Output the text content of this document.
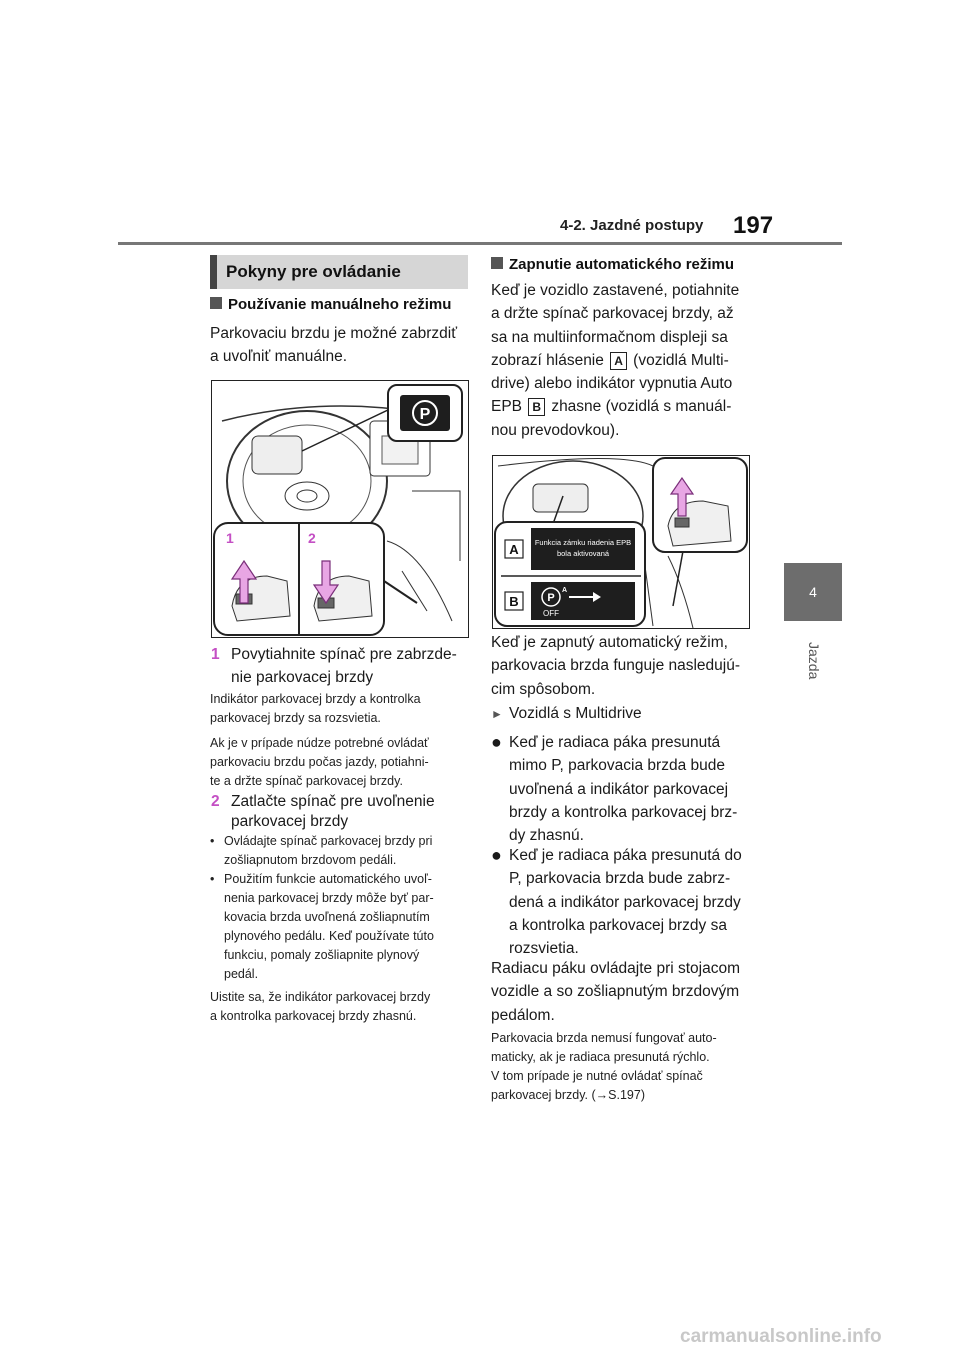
4-2. Jazdné postupy 197
4
Jazda
Pokyny pre ovládanie
Používanie manuálneho režimu
Parkovaciu brzdu je možné zabrzdiť
a uvoľniť manuálne.
P
1	2
1 Povytiahnite spínač pre zabrzde-
nie parkovacej brzdy
Indikátor parkovacej brzdy a kontrolka
parkovacej brzdy sa rozsvietia.
Ak je v prípade núdze potrebné ovládať
parkovaciu brzdu počas jazdy, potiahni-
te a držte spínač parkovacej brzdy.
2 Zatlačte spínač pre uvoľnenie
parkovacej brzdy
• Ovládajte spínač parkovacej brzdy pri
zošliapnutom brzdovom pedáli.
• Použitím funkcie automatického uvoľ-
nenia parkovacej brzdy môže byť par-
kovacia brzda uvoľnená zošliapnutím
plynového pedálu. Keď používate túto
funkciu, pomaly zošliapnite plynový
pedál.
Uistite sa, že indikátor parkovacej brzdy
a kontrolka parkovacej brzdy zhasnú.
Zapnutie automatického režimu
Keď je vozidlo zastavené, potiahnite
a držte spínač parkovacej brzdy, až
sa na multiinformačnom displeji sa
zobrazí hlásenie A (vozidlá Multi-
drive) alebo indikátor vypnutia Auto
EPB B zhasne (vozidlá s manuál-
nou prevodovkou).
A
B
Funkcia zámku riadenia EPB
bola aktivovaná
P
A
OFF
Keď je zapnutý automatický režim,
parkovacia brzda funguje nasledujú-
cim spôsobom.
► Vozidlá s Multidrive
● Keď je radiaca páka presunutá
mimo P, parkovacia brzda bude
uvoľnená a indikátor parkovacej
brzdy a kontrolka parkovacej brz-
dy zhasnú.
● Keď je radiaca páka presunutá do
P, parkovacia brzda bude zabrz-
dená a indikátor parkovacej brzdy
a kontrolka parkovacej brzdy sa
rozsvietia.
Radiacu páku ovládajte pri stojacom
vozidle a so zošliapnutým brzdovým
pedálom.
Parkovacia brzda nemusí fungovať auto-
maticky, ak je radiaca presunutá rýchlo.
V tom prípade je nutné ovládať spínač
parkovacej brzdy. (→S.197)
carmanualsonline.info
